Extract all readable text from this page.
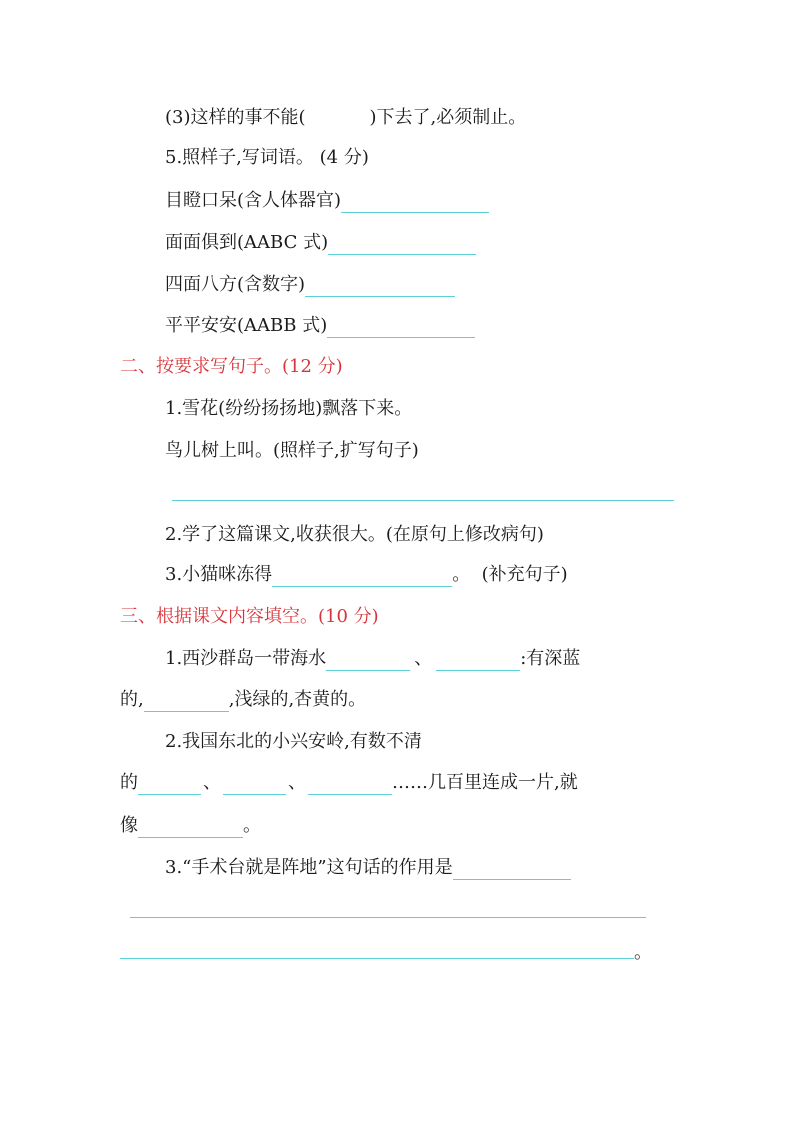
(3)这样的事不能(	)下去了,必须制止。
5.照样子,写词语。 (4 分)
目瞪口呆(含人体器官)
面面俱到(AABC 式)
四面八方(含数字)
平平安安(AABB 式)
二、按要求写句子。(12 分)
1.雪花(纷纷扬扬地)飘落下来。
鸟儿树上叫。(照样子,扩写句子)
2.学了这篇课文,收获很大。(在原句上修改病句)
3.小猫咪冻得	。  (补充句子)
三、根据课文内容填空。(10 分)
1.西沙群岛一带海水	、	:有深蓝
的,	,浅绿的,杏黄的。
2.我国东北的小兴安岭,有数不清
的	、	、	……几百里连成一片,就
像	。
3.“手术台就是阵地”这句话的作用是
。
